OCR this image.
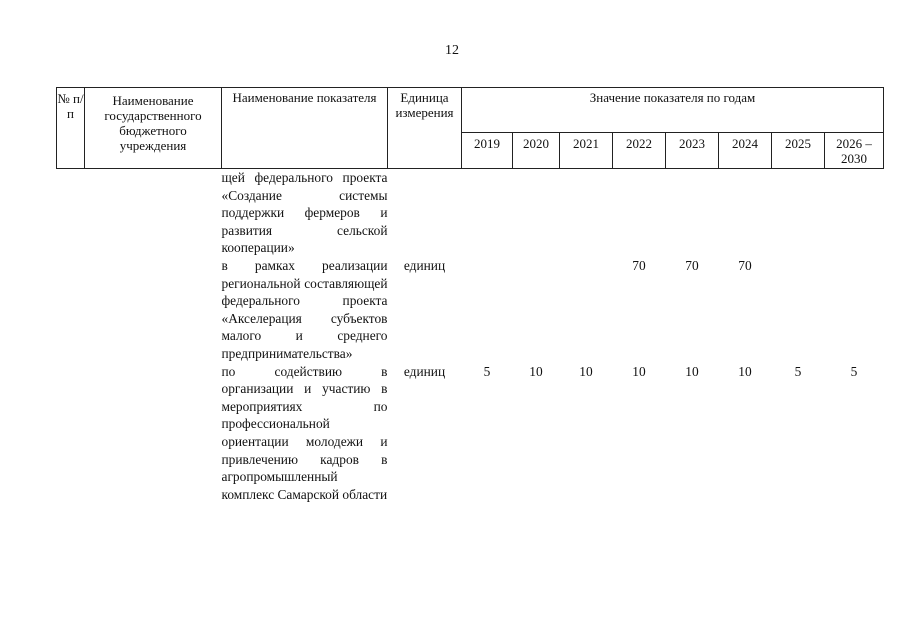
12
№ п/п	Наименование государственного бюджетного учреждения	Наименование показателя	Единица измерения	Значение показателя по годам							
				2019	2020	2021	2022	2023	2024	2025	2026 – 2030
		щей федерального проекта «Создание системы поддержки фермеров и развития сельской кооперации»									
		в рамках реализации региональной составляющей федерального проекта «Акселерация субъектов малого и среднего предпринимательства»	единиц				70	70	70		
		по содействию в организации и участию в мероприятиях по профессиональной ориентации молодежи и привлечению кадров в агропромышленный комплекс Самарской области	единиц	5	10	10	10	10	10	5	5
